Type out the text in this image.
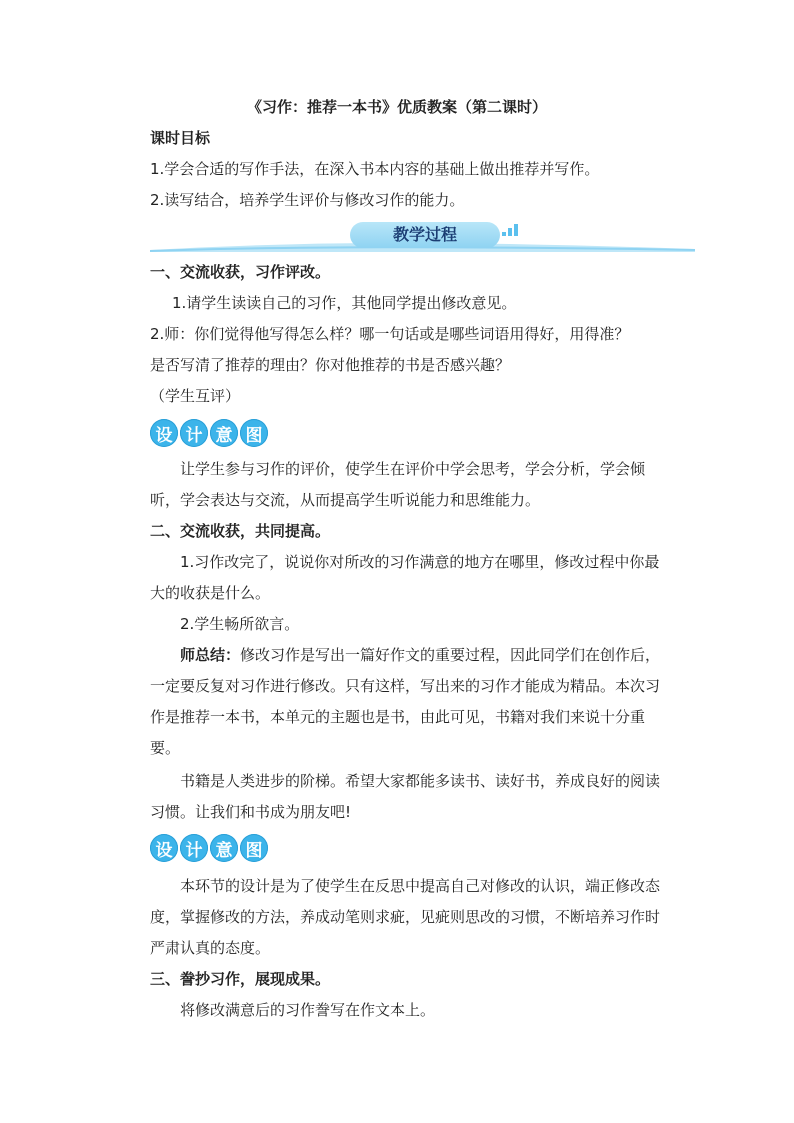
《习作：推荐一本书》优质教案（第二课时）
课时目标
1.学会合适的写作手法，在深入书本内容的基础上做出推荐并写作。
2.读写结合，培养学生评价与修改习作的能力。
教学过程
一、交流收获，习作评改。
1.请学生读读自己的习作，其他同学提出修改意见。
2.师：你们觉得他写得怎么样？哪一句话或是哪些词语用得好，用得准？
是否写清了推荐的理由？你对他推荐的书是否感兴趣？
（学生互评）
设 计 意 图
让学生参与习作的评价，使学生在评价中学会思考，学会分析，学会倾
听，学会表达与交流，从而提高学生听说能力和思维能力。
二、交流收获，共同提高。
1.习作改完了，说说你对所改的习作满意的地方在哪里，修改过程中你最
大的收获是什么。
2.学生畅所欲言。
师总结：修改习作是写出一篇好作文的重要过程，因此同学们在创作后，
一定要反复对习作进行修改。只有这样，写出来的习作才能成为精品。本次习
作是推荐一本书，本单元的主题也是书，由此可见，书籍对我们来说十分重
要。
书籍是人类进步的阶梯。希望大家都能多读书、读好书，养成良好的阅读
习惯。让我们和书成为朋友吧!
设 计 意 图
本环节的设计是为了使学生在反思中提高自己对修改的认识，端正修改态
度，掌握修改的方法，养成动笔则求疵，见疵则思改的习惯，不断培养习作时
严肃认真的态度。
三、誊抄习作，展现成果。
将修改满意后的习作誊写在作文本上。
